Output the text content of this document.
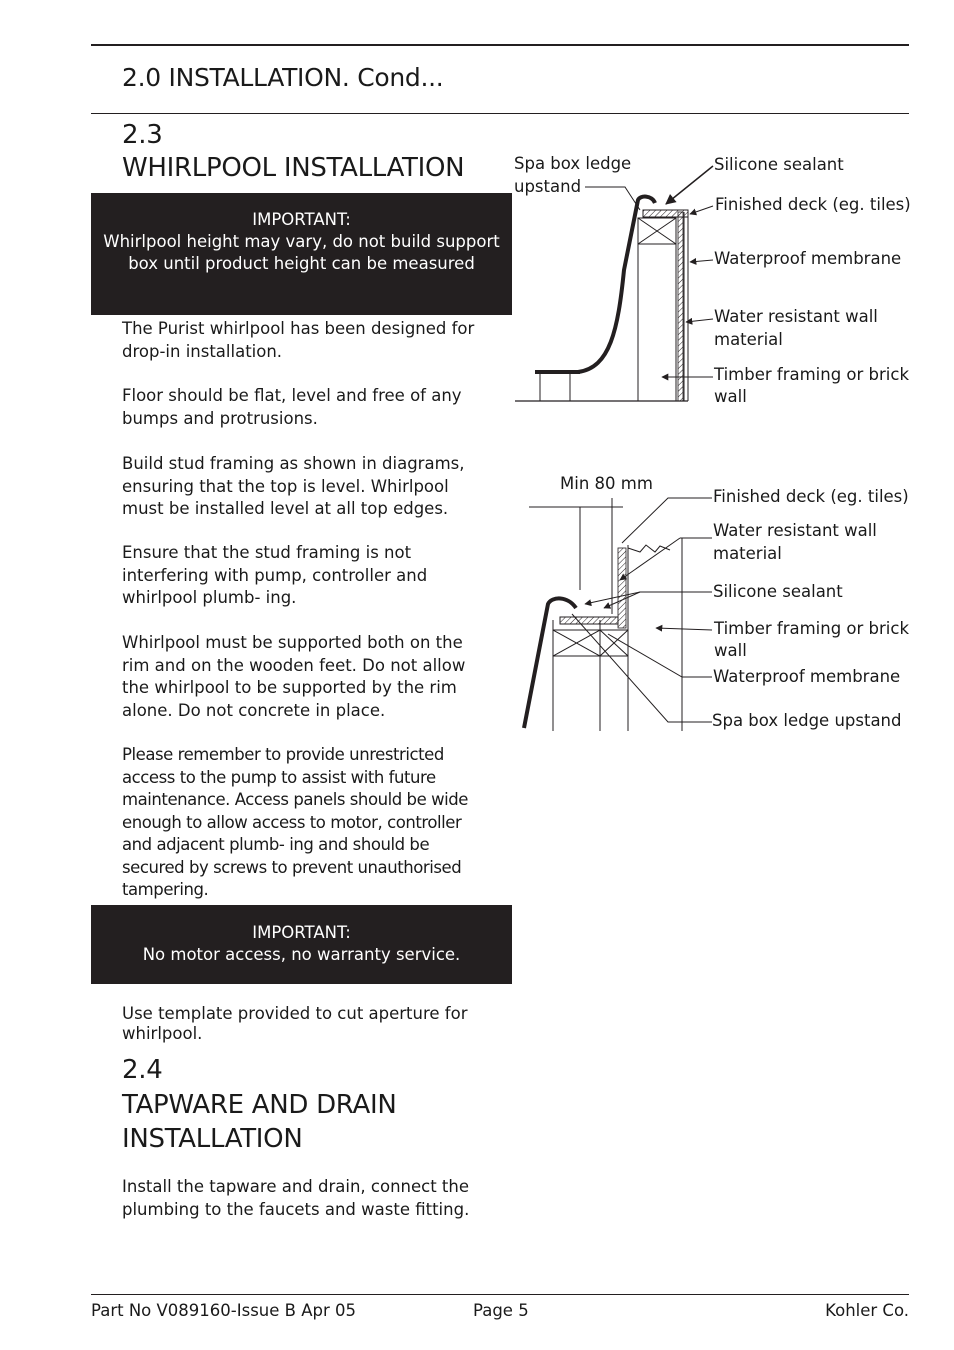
2.0 INSTALLATION. Cond...
2.3
WHIRLPOOL INSTALLATION
IMPORTANT:
Whirlpool height may vary, do not build support
box until product height can be measured
The Purist whirlpool has been designed for drop-in installation.
Floor should be flat, level and free of any bumps and protrusions.
Build stud framing as shown in diagrams, ensuring that the top is level. Whirlpool must be installed level at all top edges.
Ensure that the stud framing is not interfering with pump, controller and whirlpool plumb- ing.
Whirlpool must be supported both on the rim and on the wooden feet. Do not allow the whirlpool to be supported by the rim alone. Do not concrete in place.
Please remember to provide unrestricted access to the pump to assist with future maintenance. Access panels should be wide enough to allow access to motor, controller and adjacent plumb- ing and should be secured by screws to prevent unauthorised tampering.
IMPORTANT:
No motor access, no warranty service.
Use template provided to cut aperture for whirlpool.
2.4
TAPWARE AND DRAIN
INSTALLATION
Install the tapware and drain, connect the plumbing to the faucets and waste fitting.
Spa box ledge
upstand
Silicone sealant
Finished deck (eg. tiles)
Waterproof membrane
Water resistant wall
material
Timber framing or brick
wall
Min 80 mm
Finished deck (eg. tiles)
Water resistant wall
material
Silicone sealant
Timber framing or brick
wall
Waterproof membrane
Spa box ledge upstand
Part No V089160-Issue B Apr 05	Page 5	Kohler Co.
